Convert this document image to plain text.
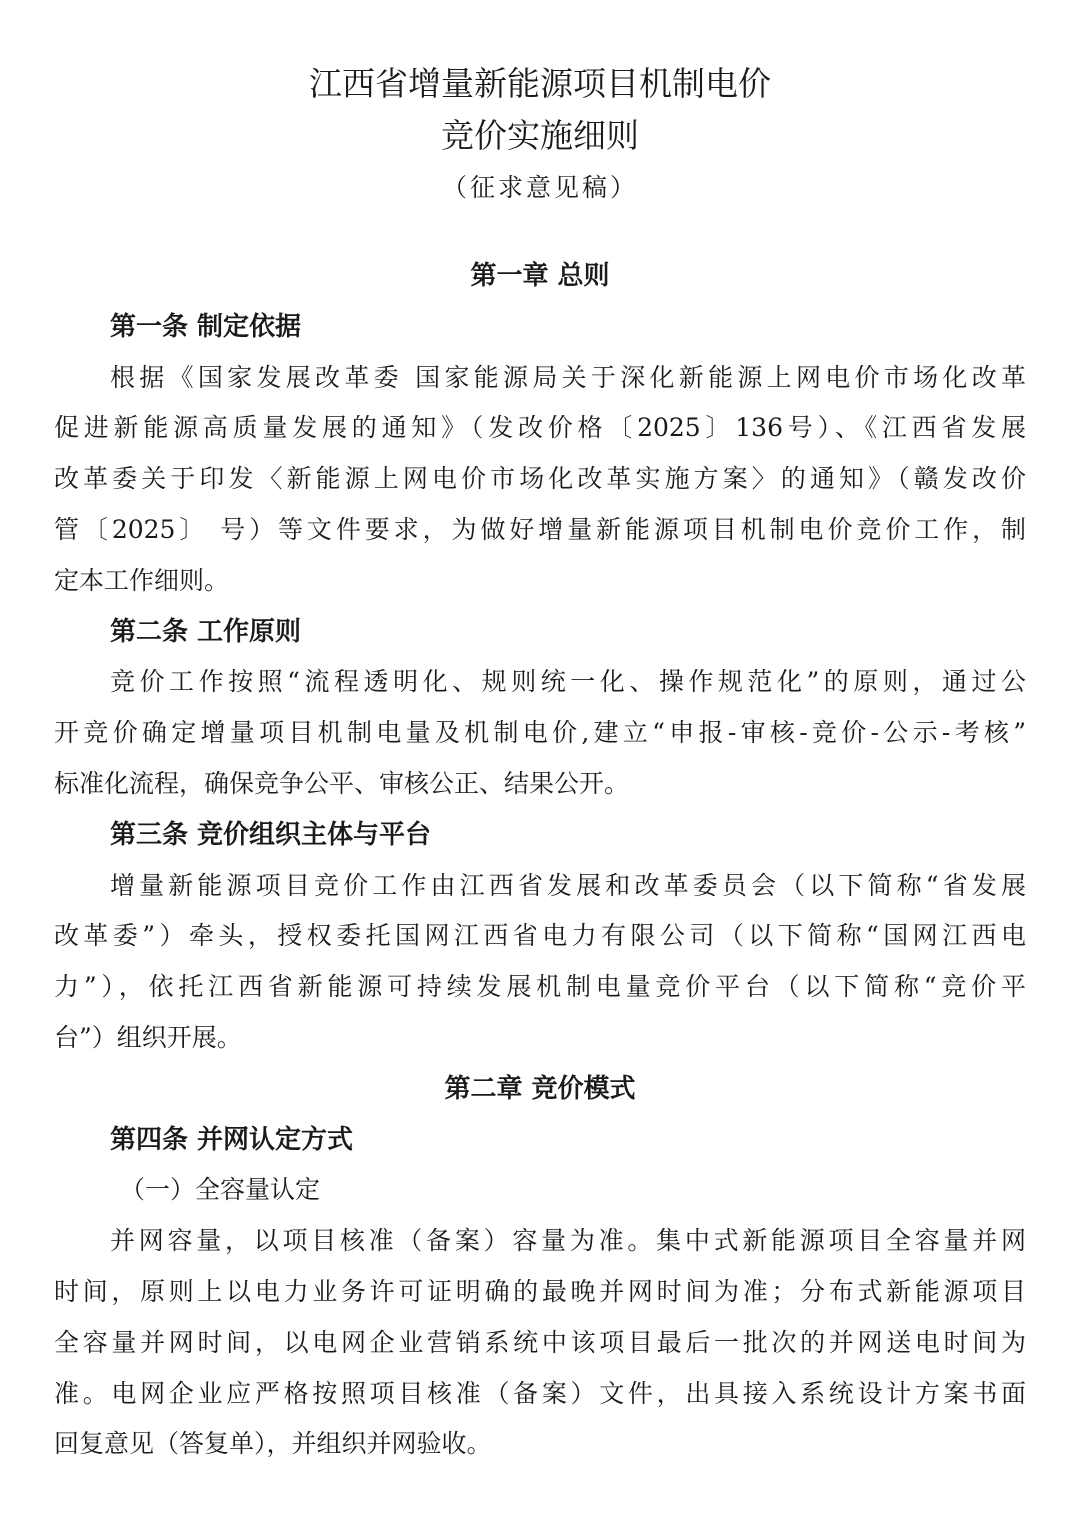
江西省增量新能源项目机制电价
竞价实施细则
（征求意见稿）
第一章 总则
第一条 制定依据
根据《国家发展改革委 国家能源局关于深化新能源上网电价市场化改革
促进新能源高质量发展的通知》（发改价格〔2025〕136号）、《江西省发展
改革委关于印发〈新能源上网电价市场化改革实施方案〉的通知》（赣发改价
管〔2025〕 号）等文件要求，为做好增量新能源项目机制电价竞价工作，制
定本工作细则。
第二条 工作原则
竞价工作按照“流程透明化、规则统一化、操作规范化”的原则，通过公
开竞价确定增量项目机制电量及机制电价,建立“申报-审核-竞价-公示-考核”
标准化流程，确保竞争公平、审核公正、结果公开。
第三条 竞价组织主体与平台
增量新能源项目竞价工作由江西省发展和改革委员会（以下简称“省发展
改革委”）牵头，授权委托国网江西省电力有限公司（以下简称“国网江西电
力”），依托江西省新能源可持续发展机制电量竞价平台（以下简称“竞价平
台”）组织开展。
第二章 竞价模式
第四条 并网认定方式
（一）全容量认定
并网容量，以项目核准（备案）容量为准。集中式新能源项目全容量并网
时间，原则上以电力业务许可证明确的最晚并网时间为准；分布式新能源项目
全容量并网时间，以电网企业营销系统中该项目最后一批次的并网送电时间为
准。电网企业应严格按照项目核准（备案）文件，出具接入系统设计方案书面
回复意见（答复单），并组织并网验收。
